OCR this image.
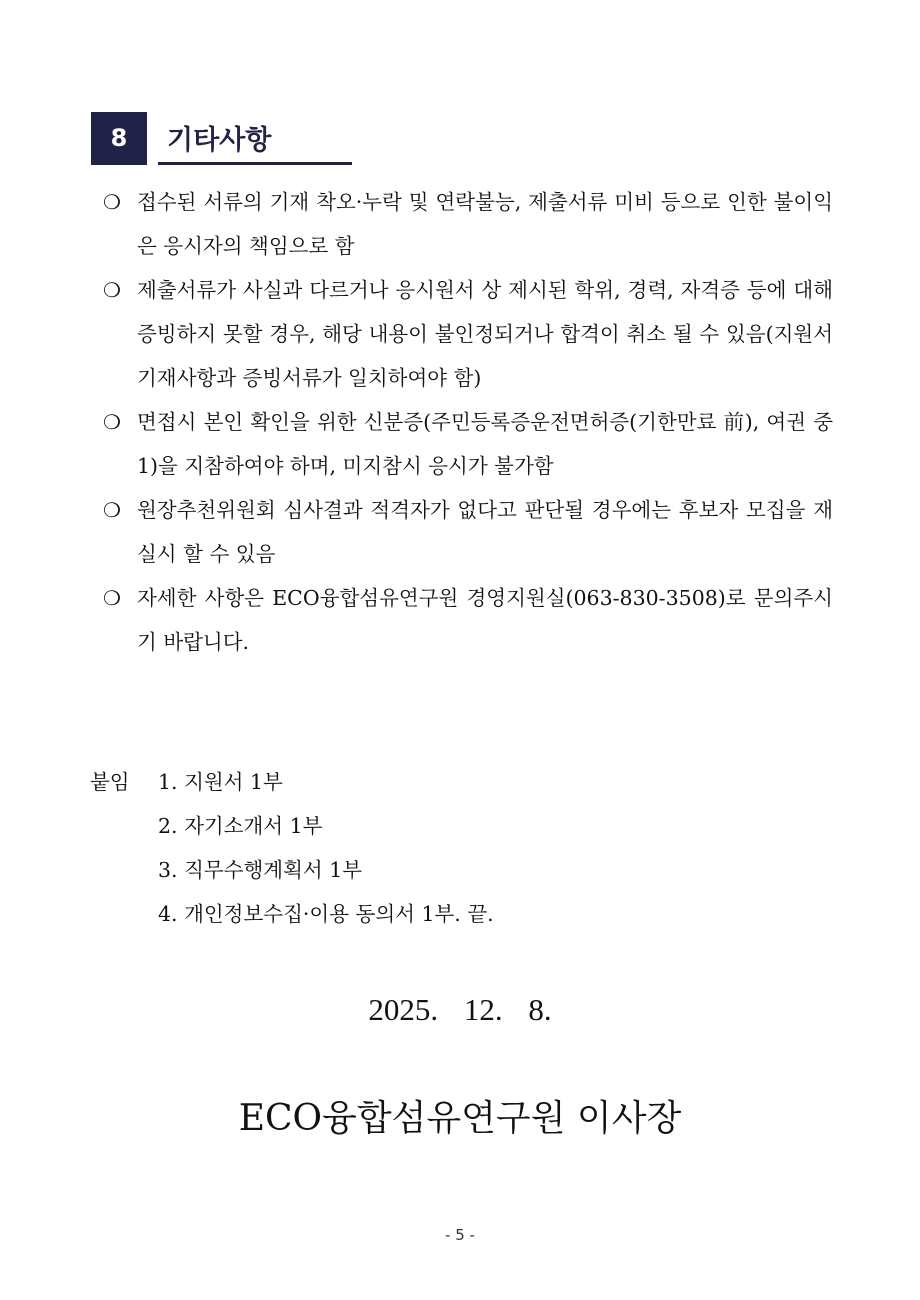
8	기타사항
❍ 접수된 서류의 기재 착오·누락 및 연락불능, 제출서류 미비 등으로 인한 불이익은 응시자의 책임으로 함
❍ 제출서류가 사실과 다르거나 응시원서 상 제시된 학위, 경력, 자격증 등에 대해 증빙하지 못할 경우, 해당 내용이 불인정되거나 합격이 취소 될 수 있음(지원서 기재사항과 증빙서류가 일치하여야 함)
❍ 면접시 본인 확인을 위한 신분증(주민등록증운전면허증(기한만료 前), 여권 중 1)을 지참하여야 하며, 미지참시 응시가 불가함
❍ 원장추천위원회 심사결과 적격자가 없다고 판단될 경우에는 후보자 모집을 재실시 할 수 있음
❍ 자세한 사항은 ECO융합섬유연구원 경영지원실(063-830-3508)로 문의주시기 바랍니다.
붙임 1. 지원서 1부
2. 자기소개서 1부
3. 직무수행계획서 1부
4. 개인정보수집·이용 동의서 1부. 끝.
2025. 12. 8.
ECO융합섬유연구원 이사장
- 5 -
